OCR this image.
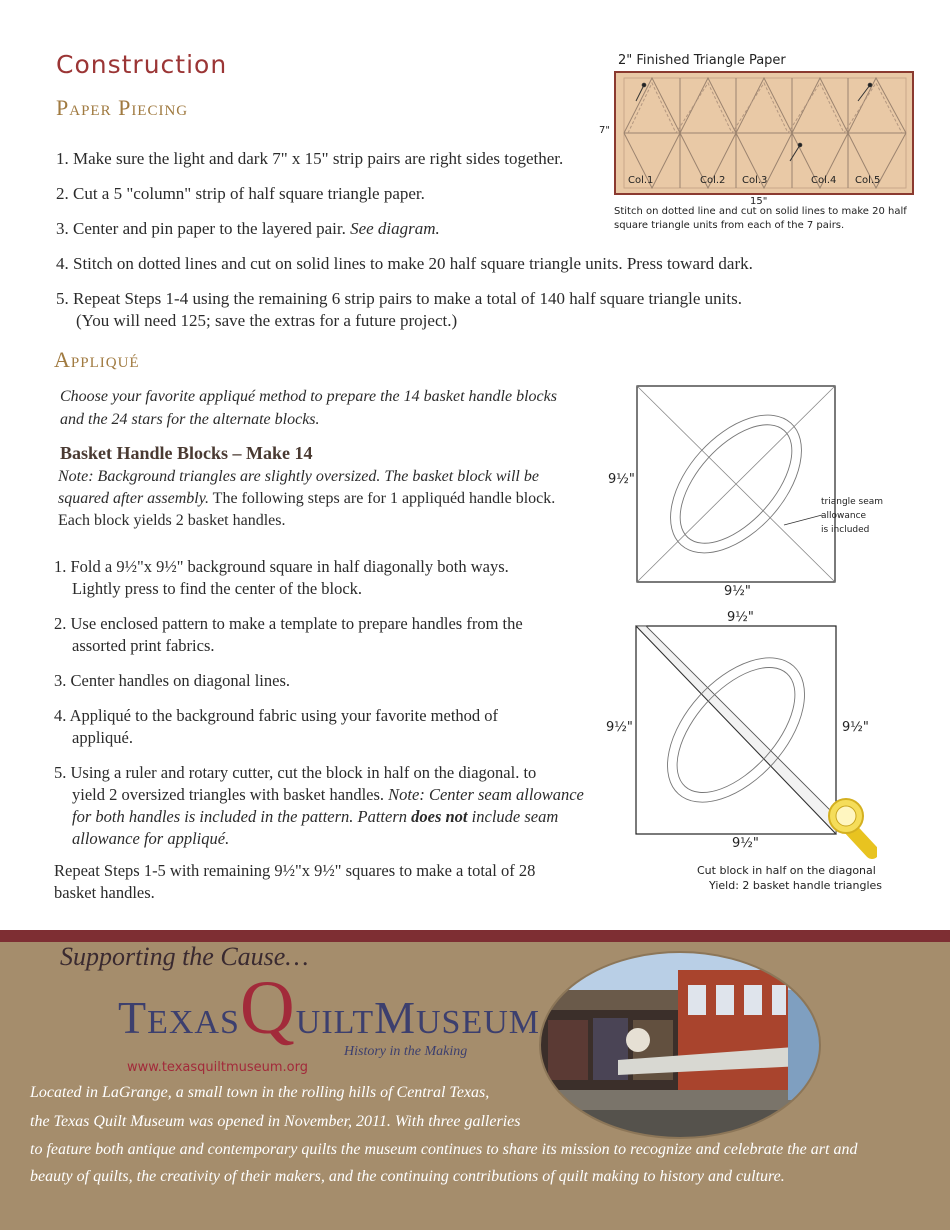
Construction
Paper Piecing
1. Make sure the light and dark 7" x 15" strip pairs are right sides together.
2. Cut a 5 "column" strip of half square triangle paper.
3. Center and pin paper to the layered pair. See diagram.
4. Stitch on dotted lines and cut on solid lines to make 20 half square triangle units. Press toward dark.
5. Repeat Steps 1-4 using the remaining 6 strip pairs to make a total of 140 half square triangle units.
(You will need 125; save the extras for a future project.)
2" Finished Triangle Paper
7"
Col.1	Col.2 Col.3	Col.4 Col.5
15"
Stitch on dotted line and cut on solid lines to make 20 half
square triangle units from each of the 7 pairs.
Appliqué
Choose your favorite appliqué method to prepare the 14 basket handle blocks
and the 24 stars for the alternate blocks.
Basket Handle Blocks – Make 14
Note: Background triangles are slightly oversized. The basket block will be
squared after assembly. The following steps are for 1 appliquéd handle block.
Each block yields 2 basket handles.
1. Fold a 9½"x 9½" background square in half diagonally both ways.
Lightly press to find the center of the block.
2. Use enclosed pattern to make a template to prepare handles from the
assorted print fabrics.
3. Center handles on diagonal lines.
4. Appliqué to the background fabric using your favorite method of
appliqué.
5. Using a ruler and rotary cutter, cut the block in half on the diagonal. to
yield 2 oversized triangles with basket handles. Note: Center seam allowance
for both handles is included in the pattern. Pattern does not include seam
allowance for appliqué.
Repeat Steps 1-5 with remaining 9½"x 9½" squares to make a total of 28
basket handles.
9½"
9½"
triangle seam
allowance
is included
9½"
9½"	9½"
9½"
Cut block in half on the diagonal
Yield: 2 basket handle triangles
Supporting the Cause…
TEXASQUILTMUSEUM
History in the Making
www.texasquiltmuseum.org
Located in LaGrange, a small town in the rolling hills of Central Texas,
the Texas Quilt Museum was opened in November, 2011. With three galleries
to feature both antique and contemporary quilts the museum continues to share its mission to recognize and celebrate the art and
beauty of quilts, the creativity of their makers, and the continuing contributions of quilt making to history and culture.
